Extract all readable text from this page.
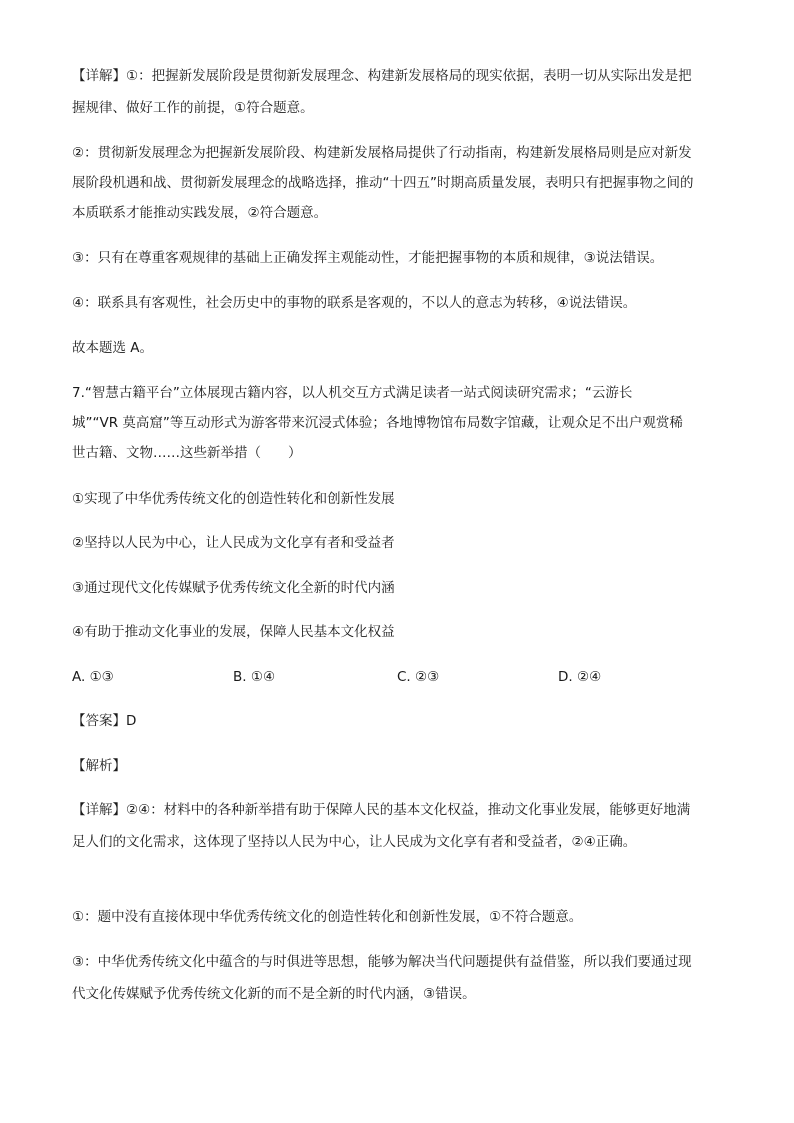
【详解】①：把握新发展阶段是贯彻新发展理念、构建新发展格局的现实依据，表明一切从实际出发是把
握规律、做好工作的前提，①符合题意。
②：贯彻新发展理念为把握新发展阶段、构建新发展格局提供了行动指南，构建新发展格局则是应对新发
展阶段机遇和战、贯彻新发展理念的战略选择，推动“十四五”时期高质量发展，表明只有把握事物之间的
本质联系才能推动实践发展，②符合题意。
③：只有在尊重客观规律的基础上正确发挥主观能动性，才能把握事物的本质和规律，③说法错误。
④：联系具有客观性，社会历史中的事物的联系是客观的，不以人的意志为转移，④说法错误。
故本题选 A。
7.“智慧古籍平台”立体展现古籍内容，以人机交互方式满足读者一站式阅读研究需求；“云游长
城”“VR 莫高窟”等互动形式为游客带来沉浸式体验；各地博物馆布局数字馆藏，让观众足不出户观赏稀
世古籍、文物……这些新举措（　　）
①实现了中华优秀传统文化的创造性转化和创新性发展
②坚持以人民为中心，让人民成为文化享有者和受益者
③通过现代文化传媒赋予优秀传统文化全新的时代内涵
④有助于推动文化事业的发展，保障人民基本文化权益
A. ①③	B. ①④	C. ②③	D. ②④
【答案】D
【解析】
【详解】②④：材料中的各种新举措有助于保障人民的基本文化权益，推动文化事业发展，能够更好地满
足人们的文化需求，这体现了坚持以人民为中心，让人民成为文化享有者和受益者，②④正确。
①：题中没有直接体现中华优秀传统文化的创造性转化和创新性发展，①不符合题意。
③：中华优秀传统文化中蕴含的与时俱进等思想，能够为解决当代问题提供有益借鉴，所以我们要通过现
代文化传媒赋予优秀传统文化新的而不是全新的时代内涵，③错误。
